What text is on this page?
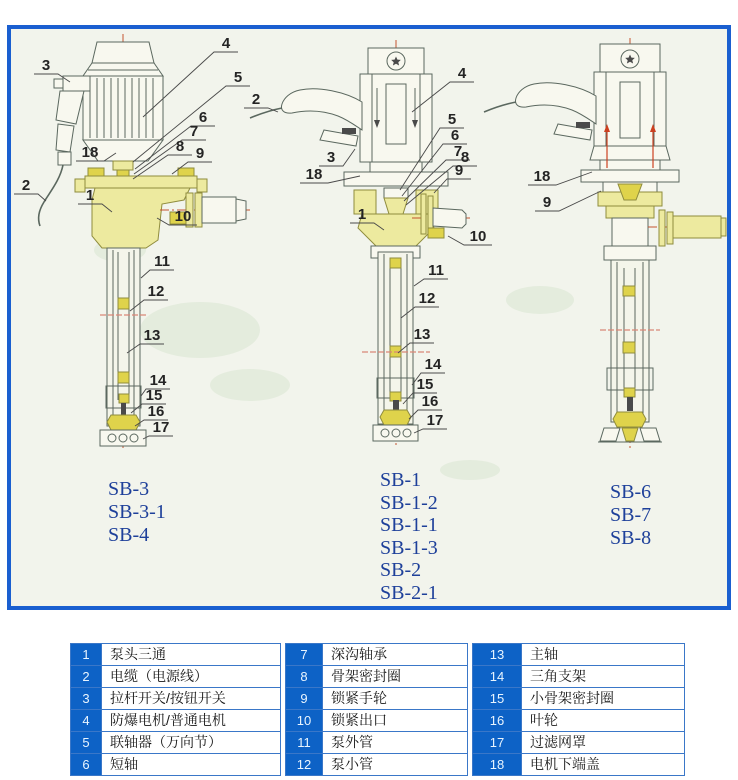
3
4
5
6
7
8 9
18
2
1
10
11
12
13
14
15
16
17
2
4
3
18
5
6
7
8
9
1
10
11
12
13
14
15
16
17
18
9
SB-3
SB-3-1
SB-4
SB-1
SB-1-2
SB-1-1
SB-1-3
SB-2
SB-2-1
SB-6
SB-7
SB-8
1	泵头三通
2	电缆（电源线）
3	拉杆开关/按钮开关
4	防爆电机/普通电机
5	联轴器（万向节）
6	短轴
7	深沟轴承
8	骨架密封圈
9	锁紧手轮
10	锁紧出口
11	泵外管
12	泵小管
13	主轴
14	三角支架
15	小骨架密封圈
16	叶轮
17	过滤网罩
18	电机下端盖
